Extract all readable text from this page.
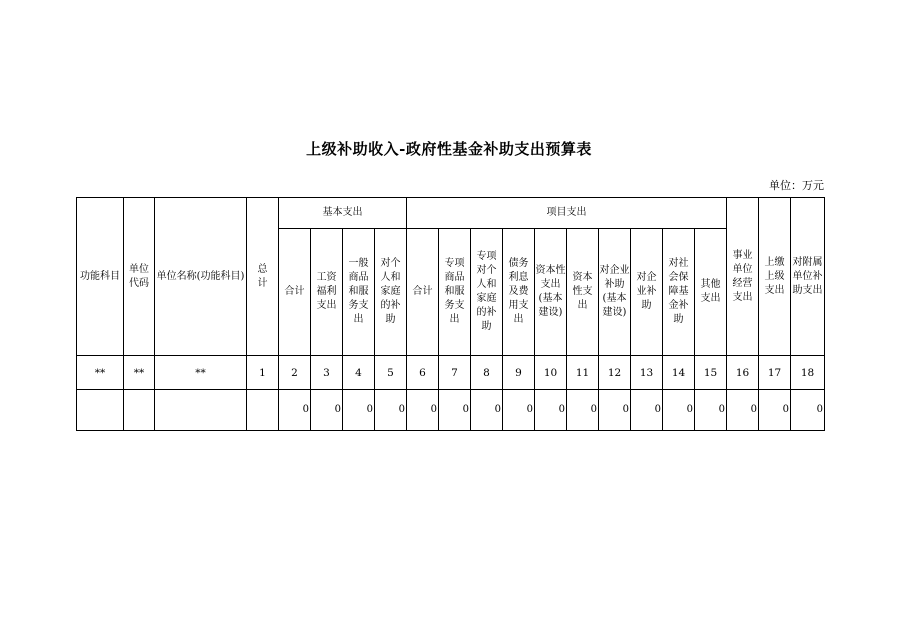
上级补助收入-政府性基金补助支出预算表
单位：万元
功能科目	单位代码	单位名称(功能科目)	总计	基本支出				项目支出										事业单位经营支出	上缴上级支出	对附属单位补助支出
				合计	工资福利支出	一般商品和服务支出	对个人和家庭的补助	合计	专项商品和服务支出	专项对个人和家庭的补助	债务利息及费用支出	资本性支出(基本建设)	资本性支出	对企业补助(基本建设)	对企业补助	对社会保障基金补助	其他支出			
**	**	**	1	2	3	4	5	6	7	8	9	10	11	12	13	14	15	16	17	18
				0	0	0	0	0	0	0	0	0	0	0	0	0	0	0	0	0
